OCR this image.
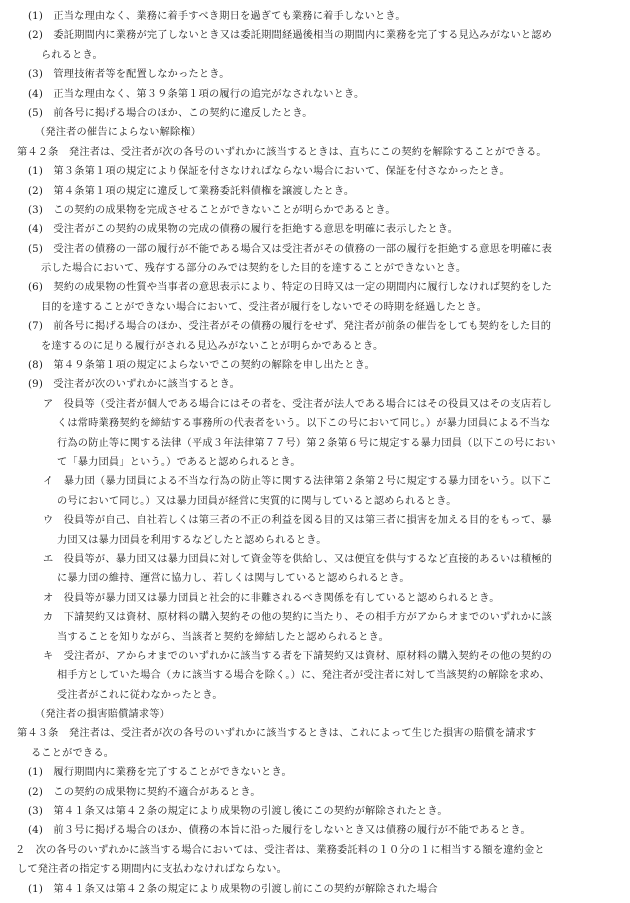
(1)　正当な理由なく、業務に着手すべき期日を過ぎても業務に着手しないとき。
(2)　委託期間内に業務が完了しないとき又は委託期間経過後相当の期間内に業務を完了する見込みがないと認め
られるとき。
(3)　管理技術者等を配置しなかったとき。
(4)　正当な理由なく、第３９条第１項の履行の追完がなされないとき。
(5)　前各号に掲げる場合のほか、この契約に違反したとき。
（発注者の催告によらない解除権）
第４２条　発注者は、受注者が次の各号のいずれかに該当するときは、直ちにこの契約を解除することができる。
(1)　第３条第１項の規定により保証を付さなければならない場合において、保証を付さなかったとき。
(2)　第４条第１項の規定に違反して業務委託料債権を譲渡したとき。
(3)　この契約の成果物を完成させることができないことが明らかであるとき。
(4)　受注者がこの契約の成果物の完成の債務の履行を拒絶する意思を明確に表示したとき。
(5)　受注者の債務の一部の履行が不能である場合又は受注者がその債務の一部の履行を拒絶する意思を明確に表
示した場合において、残存する部分のみでは契約をした目的を達することができないとき。
(6)　契約の成果物の性質や当事者の意思表示により、特定の日時又は一定の期間内に履行しなければ契約をした
目的を達することができない場合において、受注者が履行をしないでその時期を経過したとき。
(7)　前各号に掲げる場合のほか、受注者がその債務の履行をせず、発注者が前条の催告をしても契約をした目的
を達するのに足りる履行がされる見込みがないことが明らかであるとき。
(8)　第４９条第１項の規定によらないでこの契約の解除を申し出たとき。
(9)　受注者が次のいずれかに該当するとき。
ア　役員等（受注者が個人である場合にはその者を、受注者が法人である場合にはその役員又はその支店若し
くは常時業務契約を締結する事務所の代表者をいう。以下この号において同じ。）が暴力団員による不当な
行為の防止等に関する法律（平成３年法律第７７号）第２条第６号に規定する暴力団員（以下この号におい
て「暴力団員」という。）であると認められるとき。
イ　暴力団（暴力団員による不当な行為の防止等に関する法律第２条第２号に規定する暴力団をいう。以下こ
の号において同じ。）又は暴力団員が経営に実質的に関与していると認められるとき。
ウ　役員等が自己、自社若しくは第三者の不正の利益を図る目的又は第三者に損害を加える目的をもって、暴
力団又は暴力団員を利用するなどしたと認められるとき。
エ　役員等が、暴力団又は暴力団員に対して資金等を供給し、又は便宜を供与するなど直接的あるいは積極的
に暴力団の維持、運営に協力し、若しくは関与していると認められるとき。
オ　役員等が暴力団又は暴力団員と社会的に非難されるべき関係を有していると認められるとき。
カ　下請契約又は資材、原材料の購入契約その他の契約に当たり、その相手方がアからオまでのいずれかに該
当することを知りながら、当該者と契約を締結したと認められるとき。
キ　受注者が、アからオまでのいずれかに該当する者を下請契約又は資材、原材料の購入契約その他の契約の
相手方としていた場合（カに該当する場合を除く。）に、発注者が受注者に対して当該契約の解除を求め、
受注者がこれに従わなかったとき。
（発注者の損害賠償請求等）
第４３条　発注者は、受注者が次の各号のいずれかに該当するときは、これによって生じた損害の賠償を請求す
ることができる。
(1)　履行期間内に業務を完了することができないとき。
(2)　この契約の成果物に契約不適合があるとき。
(3)　第４１条又は第４２条の規定により成果物の引渡し後にこの契約が解除されたとき。
(4)　前３号に掲げる場合のほか、債務の本旨に沿った履行をしないとき又は債務の履行が不能であるとき。
２　次の各号のいずれかに該当する場合においては、受注者は、業務委託料の１０分の１に相当する額を違約金と
して発注者の指定する期間内に支払わなければならない。
(1)　第４１条又は第４２条の規定により成果物の引渡し前にこの契約が解除された場合
